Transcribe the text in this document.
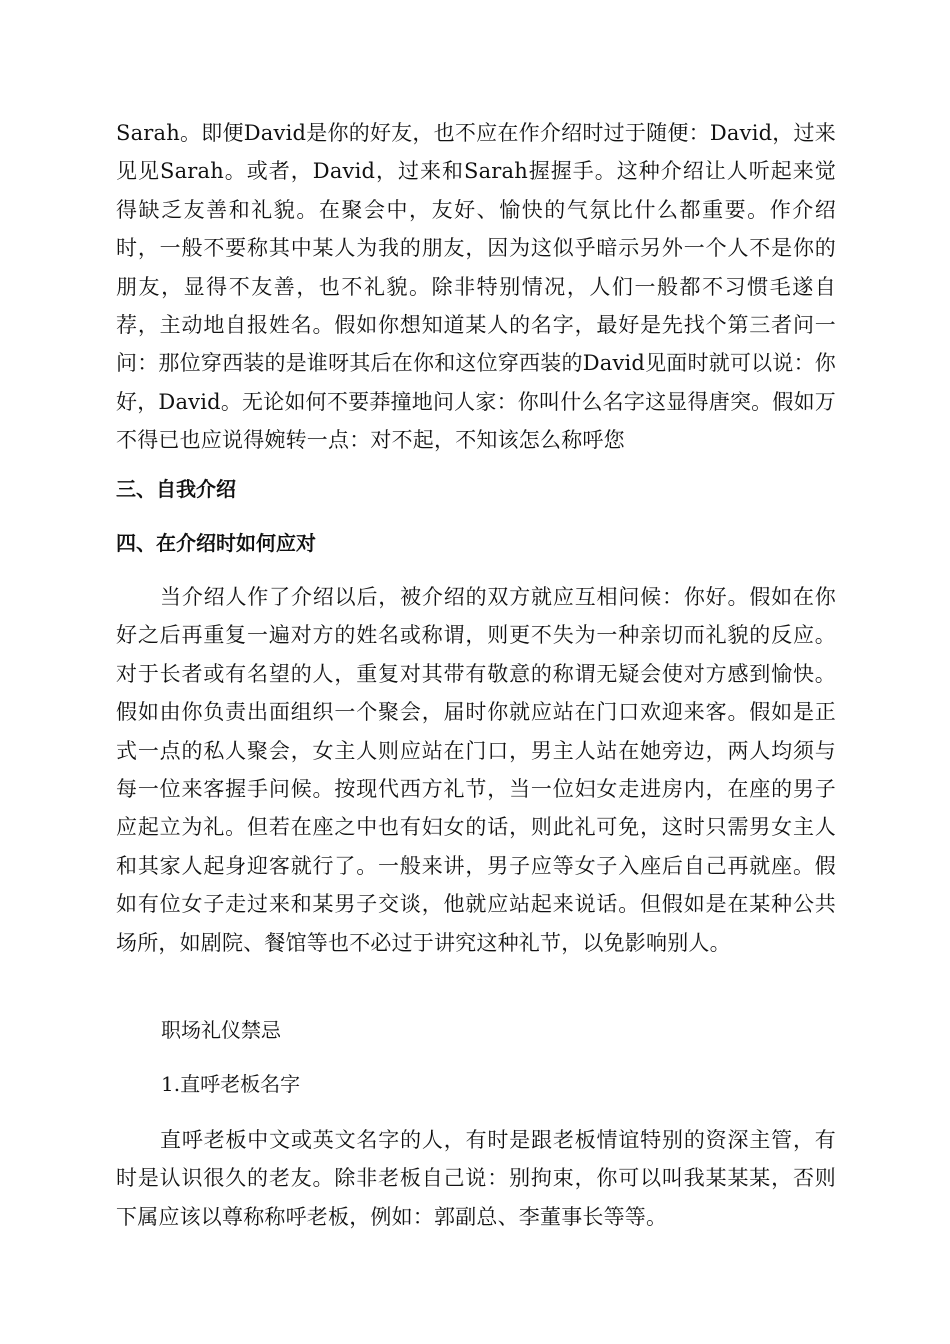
Sarah。即便David是你的好友，也不应在作介绍时过于随便：David，过来见见Sarah。或者，David，过来和Sarah握握手。这种介绍让人听起来觉得缺乏友善和礼貌。在聚会中，友好、愉快的气氛比什么都重要。作介绍时，一般不要称其中某人为我的朋友，因为这似乎暗示另外一个人不是你的朋友，显得不友善，也不礼貌。除非特别情况，人们一般都不习惯毛遂自荐，主动地自报姓名。假如你想知道某人的名字，最好是先找个第三者问一问：那位穿西装的是谁呀其后在你和这位穿西装的David见面时就可以说：你好，David。无论如何不要莽撞地问人家：你叫什么名字这显得唐突。假如万不得已也应说得婉转一点：对不起，不知该怎么称呼您

三、自我介绍
四、在介绍时如何应对

当介绍人作了介绍以后，被介绍的双方就应互相问候：你好。假如在你好之后再重复一遍对方的姓名或称谓，则更不失为一种亲切而礼貌的反应。对于长者或有名望的人，重复对其带有敬意的称谓无疑会使对方感到愉快。假如由你负责出面组织一个聚会，届时你就应站在门口欢迎来客。假如是正式一点的私人聚会，女主人则应站在门口，男主人站在她旁边，两人均须与每一位来客握手问候。按现代西方礼节，当一位妇女走进房内，在座的男子应起立为礼。但若在座之中也有妇女的话，则此礼可免，这时只需男女主人和其家人起身迎客就行了。一般来讲，男子应等女子入座后自己再就座。假如有位女子走过来和某男子交谈，他就应站起来说话。但假如是在某种公共场所，如剧院、餐馆等也不必过于讲究这种礼节，以免影响别人。

职场礼仪禁忌

1.直呼老板名字

直呼老板中文或英文名字的人，有时是跟老板情谊特别的资深主管，有时是认识很久的老友。除非老板自己说：别拘束，你可以叫我某某某，否则下属应该以尊称称呼老板，例如：郭副总、李董事长等等。
